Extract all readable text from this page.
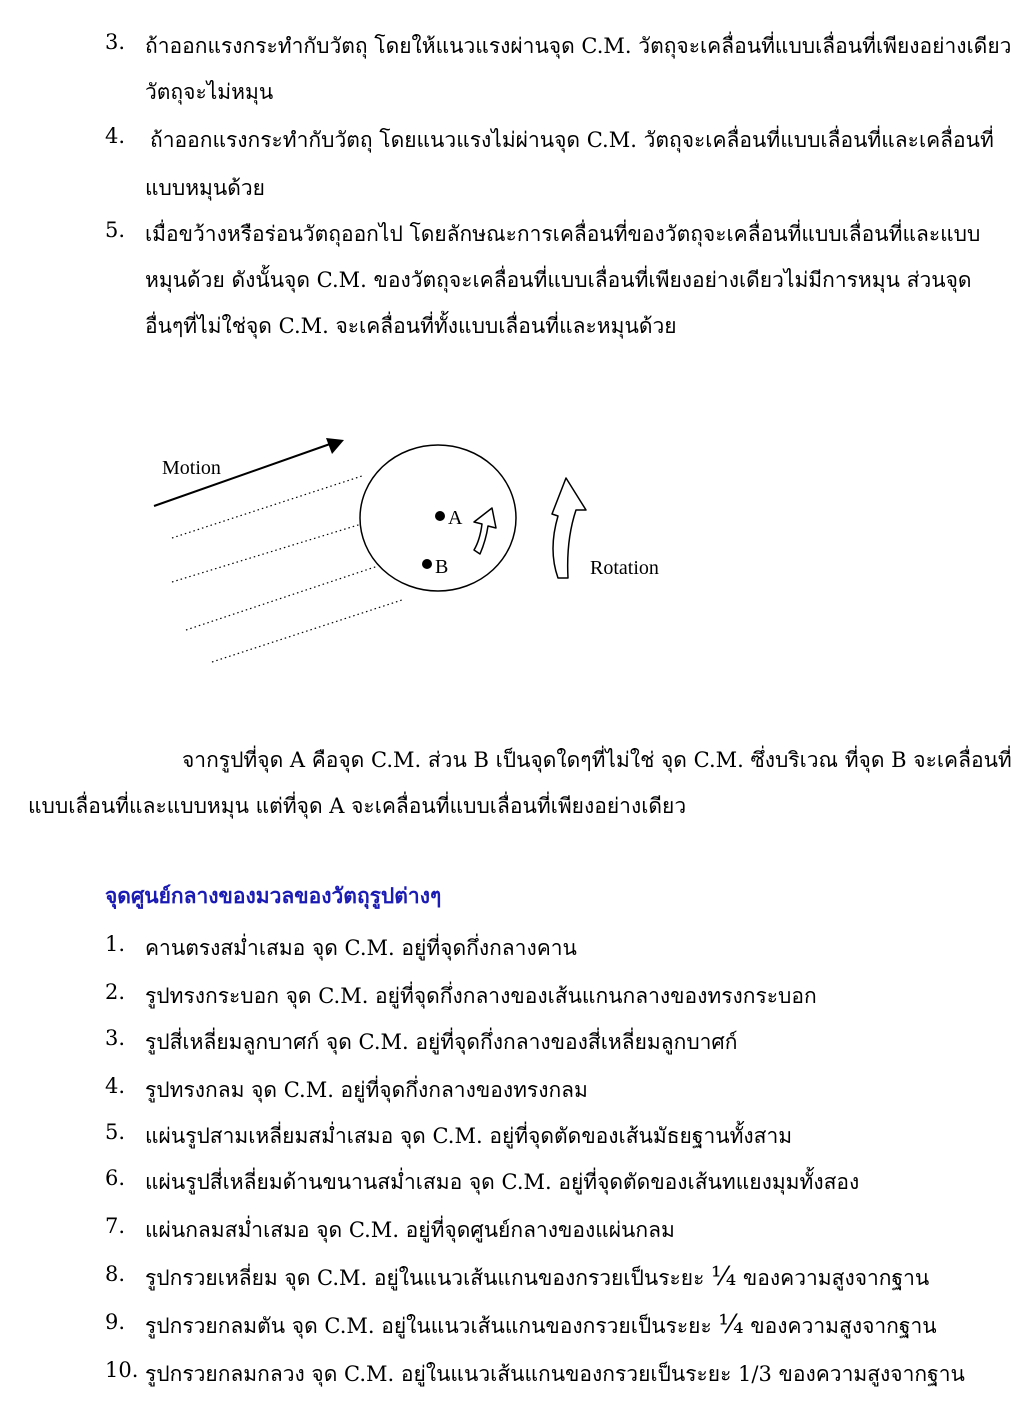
3. ถ้าออกแรงกระทำกับวัตถุ โดยให้แนวแรงผ่านจุด C.M. วัตถุจะเคลื่อนที่แบบเลื่อนที่เพียงอย่างเดียว
วัตถุจะไม่หมุน
4. ถ้าออกแรงกระทำกับวัตถุ โดยแนวแรงไม่ผ่านจุด C.M. วัตถุจะเคลื่อนที่แบบเลื่อนที่และเคลื่อนที่
แบบหมุนด้วย
5. เมื่อขว้างหรือร่อนวัตถุออกไป โดยลักษณะการเคลื่อนที่ของวัตถุจะเคลื่อนที่แบบเลื่อนที่และแบบ
หมุนด้วย ดังนั้นจุด C.M. ของวัตถุจะเคลื่อนที่แบบเลื่อนที่เพียงอย่างเดียวไม่มีการหมุน ส่วนจุด
อื่นๆที่ไม่ใช่จุด C.M. จะเคลื่อนที่ทั้งแบบเลื่อนที่และหมุนด้วย
Motion
A
B	Rotation
จากรูปที่จุด A คือจุด C.M. ส่วน B เป็นจุดใดๆที่ไม่ใช่ จุด C.M. ซึ่งบริเวณ ที่จุด B จะเคลื่อนที่
แบบเลื่อนที่และแบบหมุน แต่ที่จุด A จะเคลื่อนที่แบบเลื่อนที่เพียงอย่างเดียว
จุดศูนย์กลางของมวลของวัตถุรูปต่างๆ
1. คานตรงสม่ำเสมอ จุด C.M. อยู่ที่จุดกึ่งกลางคาน
2. รูปทรงกระบอก จุด C.M. อยู่ที่จุดกึ่งกลางของเส้นแกนกลางของทรงกระบอก
3. รูปสี่เหลี่ยมลูกบาศก์ จุด C.M. อยู่ที่จุดกึ่งกลางของสี่เหลี่ยมลูกบาศก์
4. รูปทรงกลม จุด C.M. อยู่ที่จุดกึ่งกลางของทรงกลม
5. แผ่นรูปสามเหลี่ยมสม่ำเสมอ จุด C.M. อยู่ที่จุดตัดของเส้นมัธยฐานทั้งสาม
6. แผ่นรูปสี่เหลี่ยมด้านขนานสม่ำเสมอ จุด C.M. อยู่ที่จุดตัดของเส้นทแยงมุมทั้งสอง
7. แผ่นกลมสม่ำเสมอ จุด C.M. อยู่ที่จุดศูนย์กลางของแผ่นกลม
8. รูปกรวยเหลี่ยม จุด C.M. อยู่ในแนวเส้นแกนของกรวยเป็นระยะ ¼ ของความสูงจากฐาน
9. รูปกรวยกลมตัน จุด C.M. อยู่ในแนวเส้นแกนของกรวยเป็นระยะ ¼ ของความสูงจากฐาน
10. รูปกรวยกลมกลวง จุด C.M. อยู่ในแนวเส้นแกนของกรวยเป็นระยะ 1/3 ของความสูงจากฐาน
